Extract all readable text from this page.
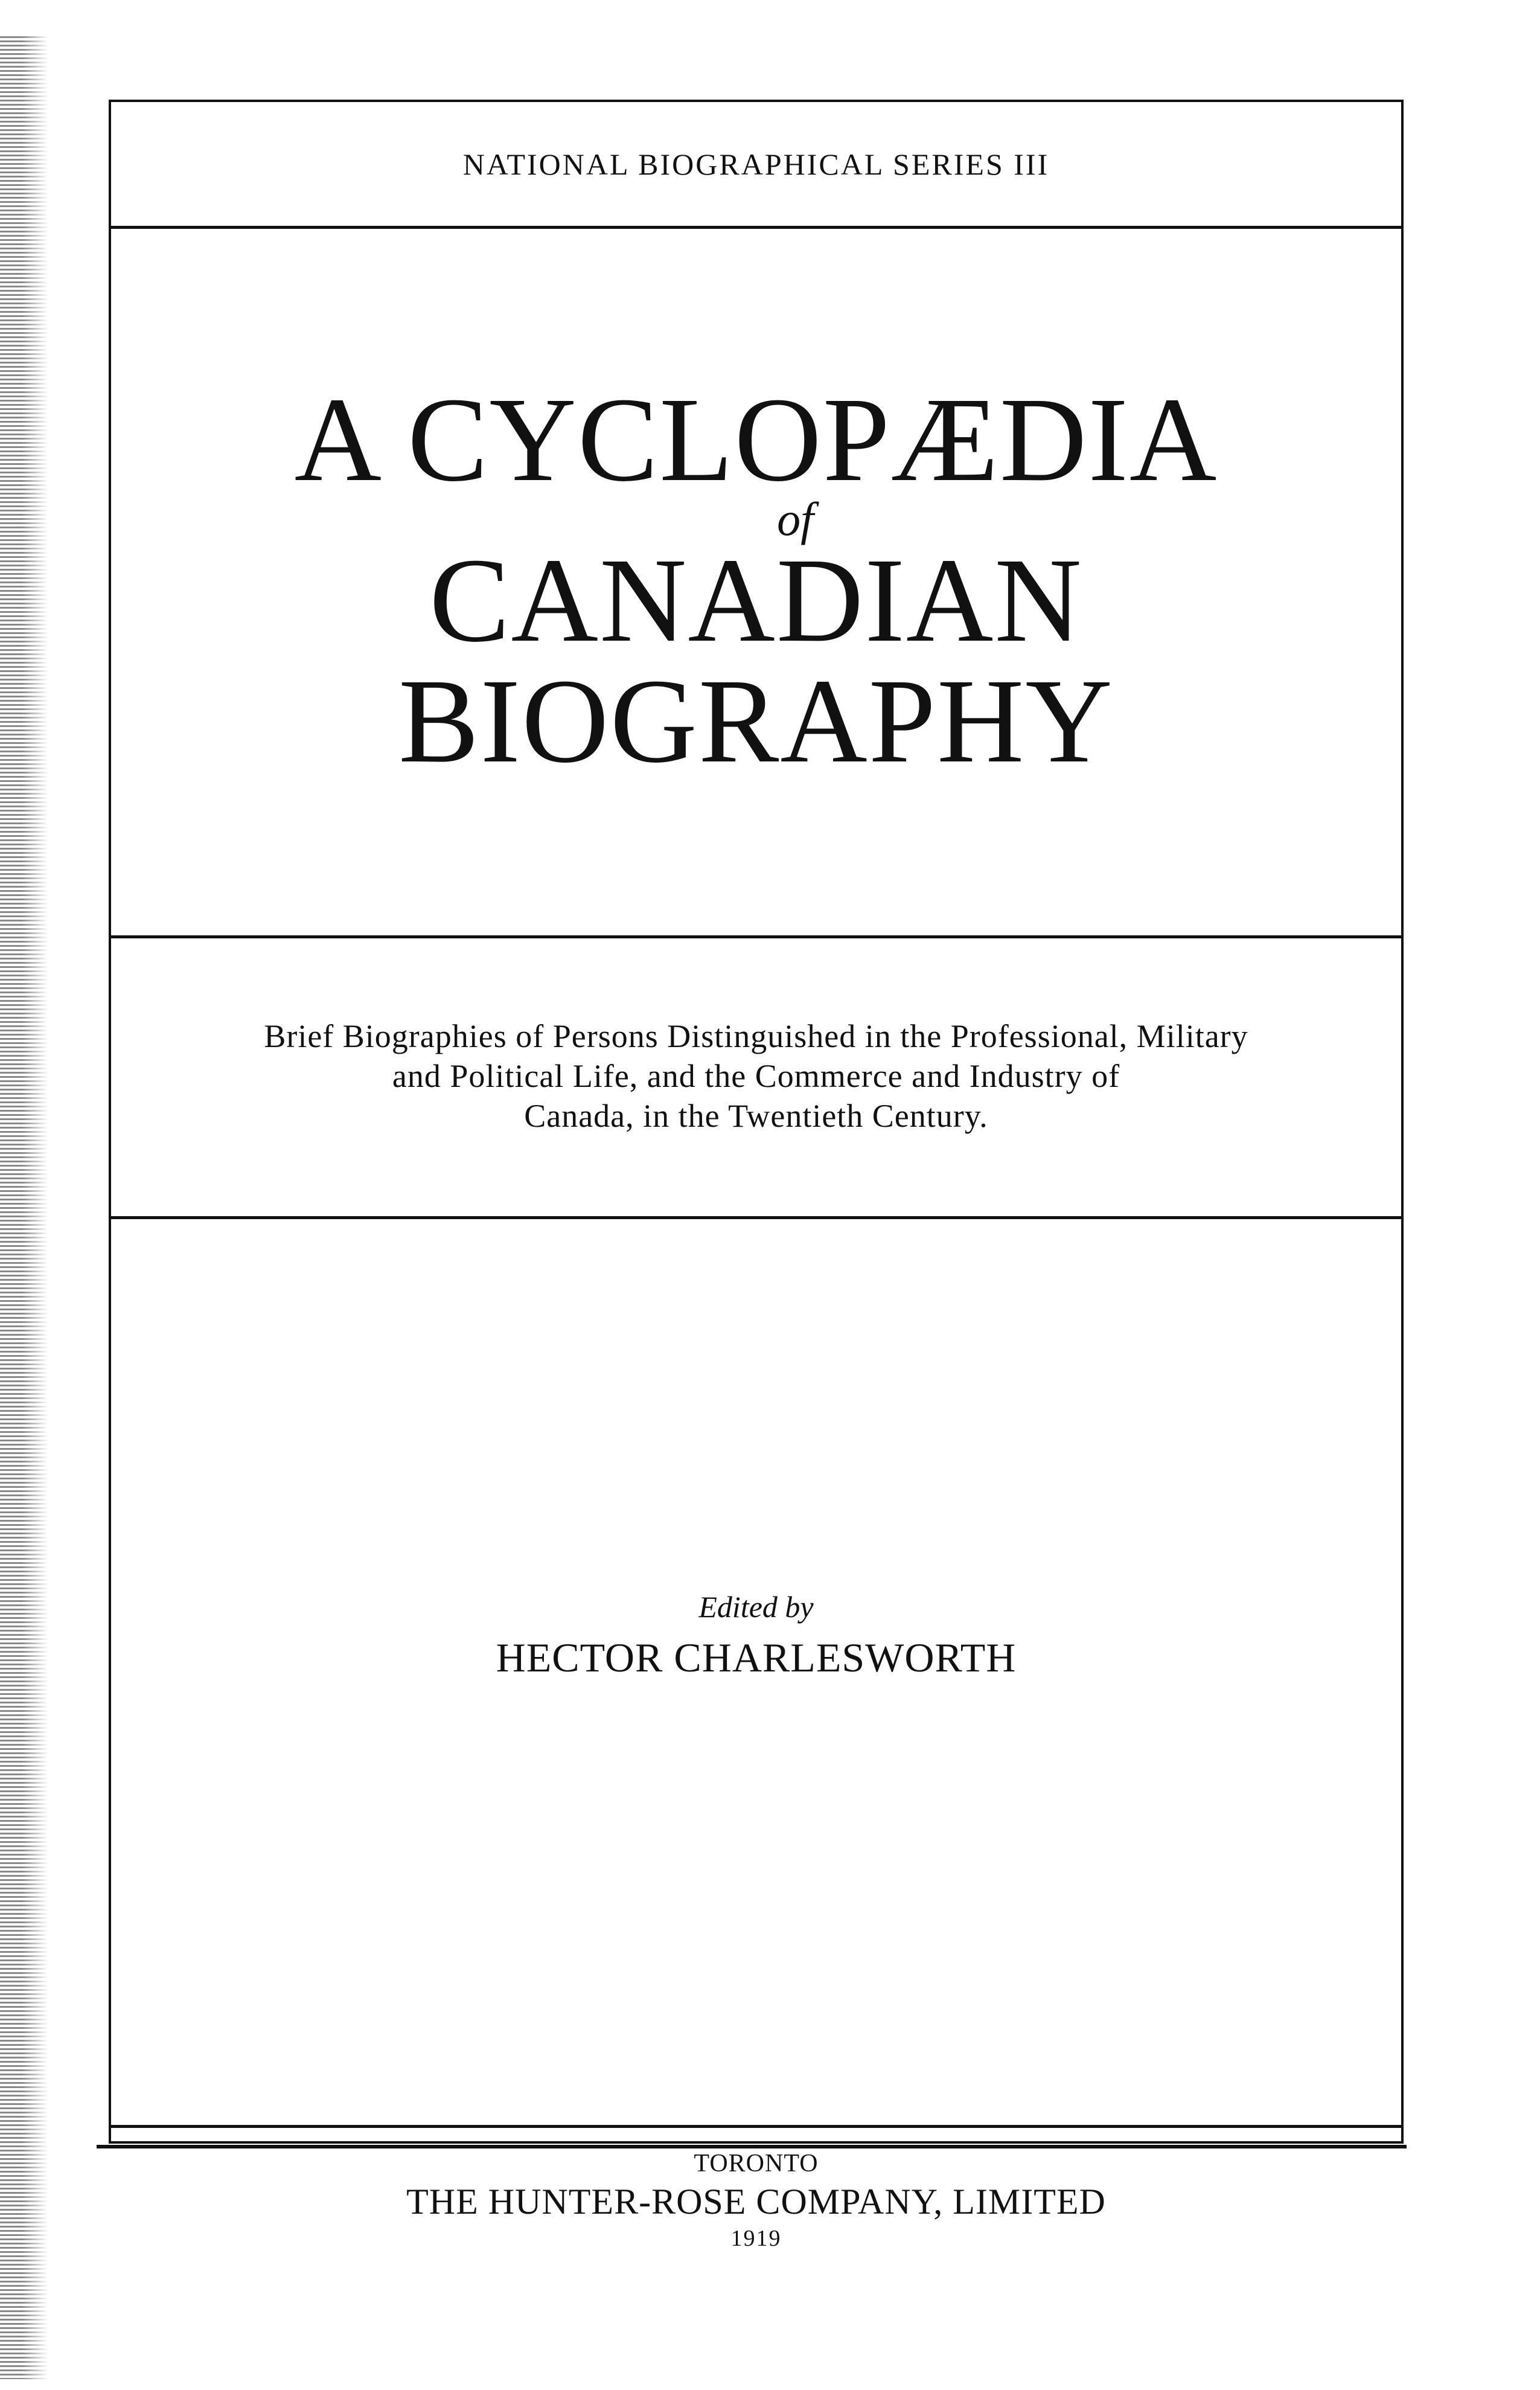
NATIONAL BIOGRAPHICAL SERIES III
A CYCLOPÆDIA
of
CANADIAN BIOGRAPHY
Brief Biographies of Persons Distinguished in the Professional, Military
and Political Life, and the Commerce and Industry of
Canada, in the Twentieth Century.
Edited by
HECTOR CHARLESWORTH
TORONTO
THE HUNTER-ROSE COMPANY, LIMITED
1919
